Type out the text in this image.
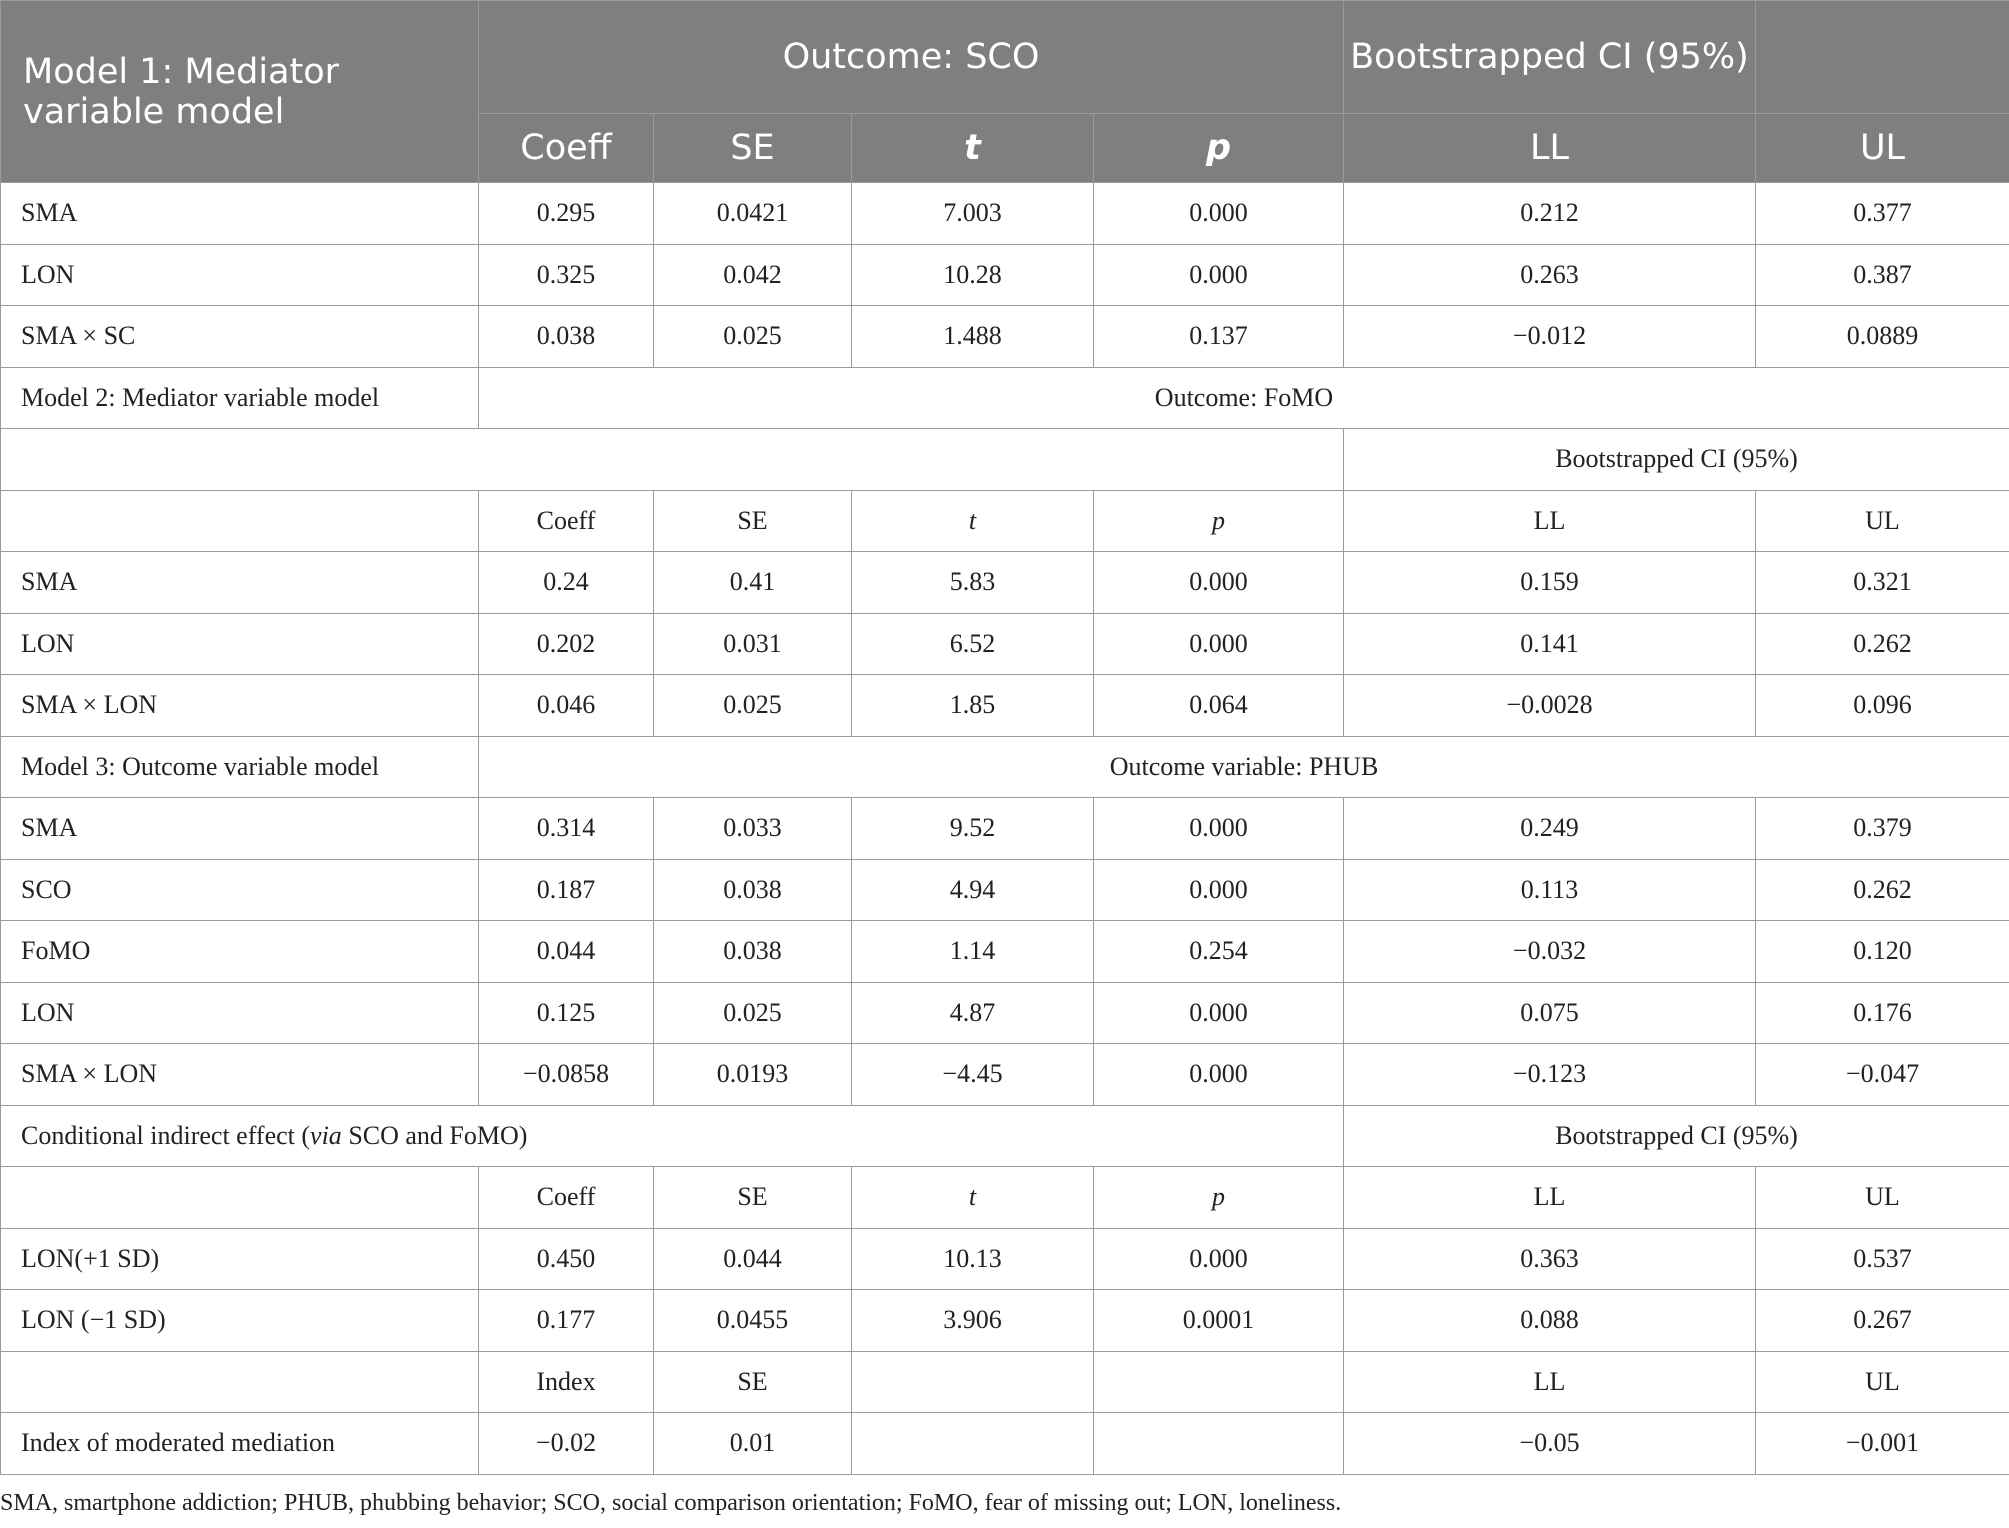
Model 1: Mediator variable model	Outcome: SCO				Bootstrapped CI (95%)	
	Coeff	SE	t	p	LL	UL
SMA	0.295	0.0421	7.003	0.000	0.212	0.377
LON	0.325	0.042	10.28	0.000	0.263	0.387
SMA × SC	0.038	0.025	1.488	0.137	−0.012	0.0889
Model 2: Mediator variable model	Outcome: FoMO					
					Bootstrapped CI (95%)	
	Coeff	SE	t	p	LL	UL
SMA	0.24	0.41	5.83	0.000	0.159	0.321
LON	0.202	0.031	6.52	0.000	0.141	0.262
SMA × LON	0.046	0.025	1.85	0.064	−0.0028	0.096
Model 3: Outcome variable model	Outcome variable: PHUB					
SMA	0.314	0.033	9.52	0.000	0.249	0.379
SCO	0.187	0.038	4.94	0.000	0.113	0.262
FoMO	0.044	0.038	1.14	0.254	−0.032	0.120
LON	0.125	0.025	4.87	0.000	0.075	0.176
SMA × LON	−0.0858	0.0193	−4.45	0.000	−0.123	−0.047
Conditional indirect effect (via SCO and FoMO)					Bootstrapped CI (95%)	
	Coeff	SE	t	p	LL	UL
LON(+1 SD)	0.450	0.044	10.13	0.000	0.363	0.537
LON (−1 SD)	0.177	0.0455	3.906	0.0001	0.088	0.267
	Index	SE			LL	UL
Index of moderated mediation	−0.02	0.01			−0.05	−0.001
SMA, smartphone addiction; PHUB, phubbing behavior; SCO, social comparison orientation; FoMO, fear of missing out; LON, loneliness.
